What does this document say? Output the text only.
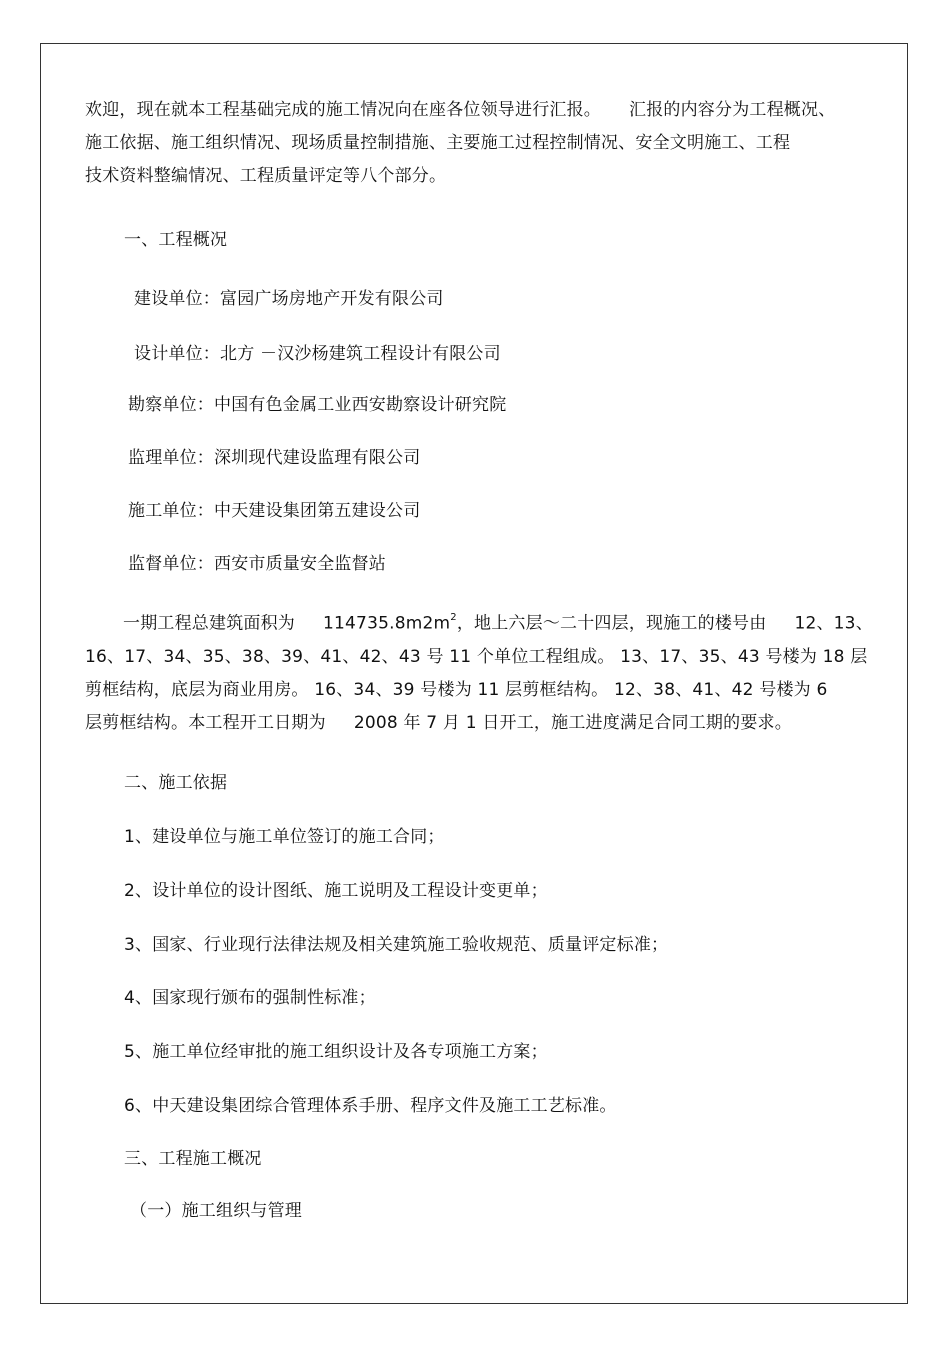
欢迎，现在就本工程基础完成的施工情况向在座各位领导进行汇报。 汇报的内容分为工程概况、
施工依据、施工组织情况、现场质量控制措施、主要施工过程控制情况、安全文明施工、工程
技术资料整编情况、工程质量评定等八个部分。
一、工程概况
建设单位：富园广场房地产开发有限公司
设计单位：北方 －汉沙杨建筑工程设计有限公司
勘察单位：中国有色金属工业西安勘察设计研究院
监理单位：深圳现代建设监理有限公司
施工单位：中天建设集团第五建设公司
监督单位：西安市质量安全监督站
一期工程总建筑面积为 $114735.8m2m^2$，地上六层～二十四层，现施工的楼号由 12、13、
16、17、34、35、38、39、41、42、43 号 11 个单位工程组成。 13、17、35、43 号楼为 18 层
剪框结构，底层为商业用房。 16、34、39 号楼为 11 层剪框结构。 12、38、41、42 号楼为 6
层剪框结构。本工程开工日期为 2008 年 7 月 1 日开工，施工进度满足合同工期的要求。
二、施工依据
1、建设单位与施工单位签订的施工合同；
2、设计单位的设计图纸、施工说明及工程设计变更单；
3、国家、行业现行法律法规及相关建筑施工验收规范、质量评定标准；
4、国家现行颁布的强制性标准；
5、施工单位经审批的施工组织设计及各专项施工方案；
6、中天建设集团综合管理体系手册、程序文件及施工工艺标准。
三、工程施工概况
（一）施工组织与管理
